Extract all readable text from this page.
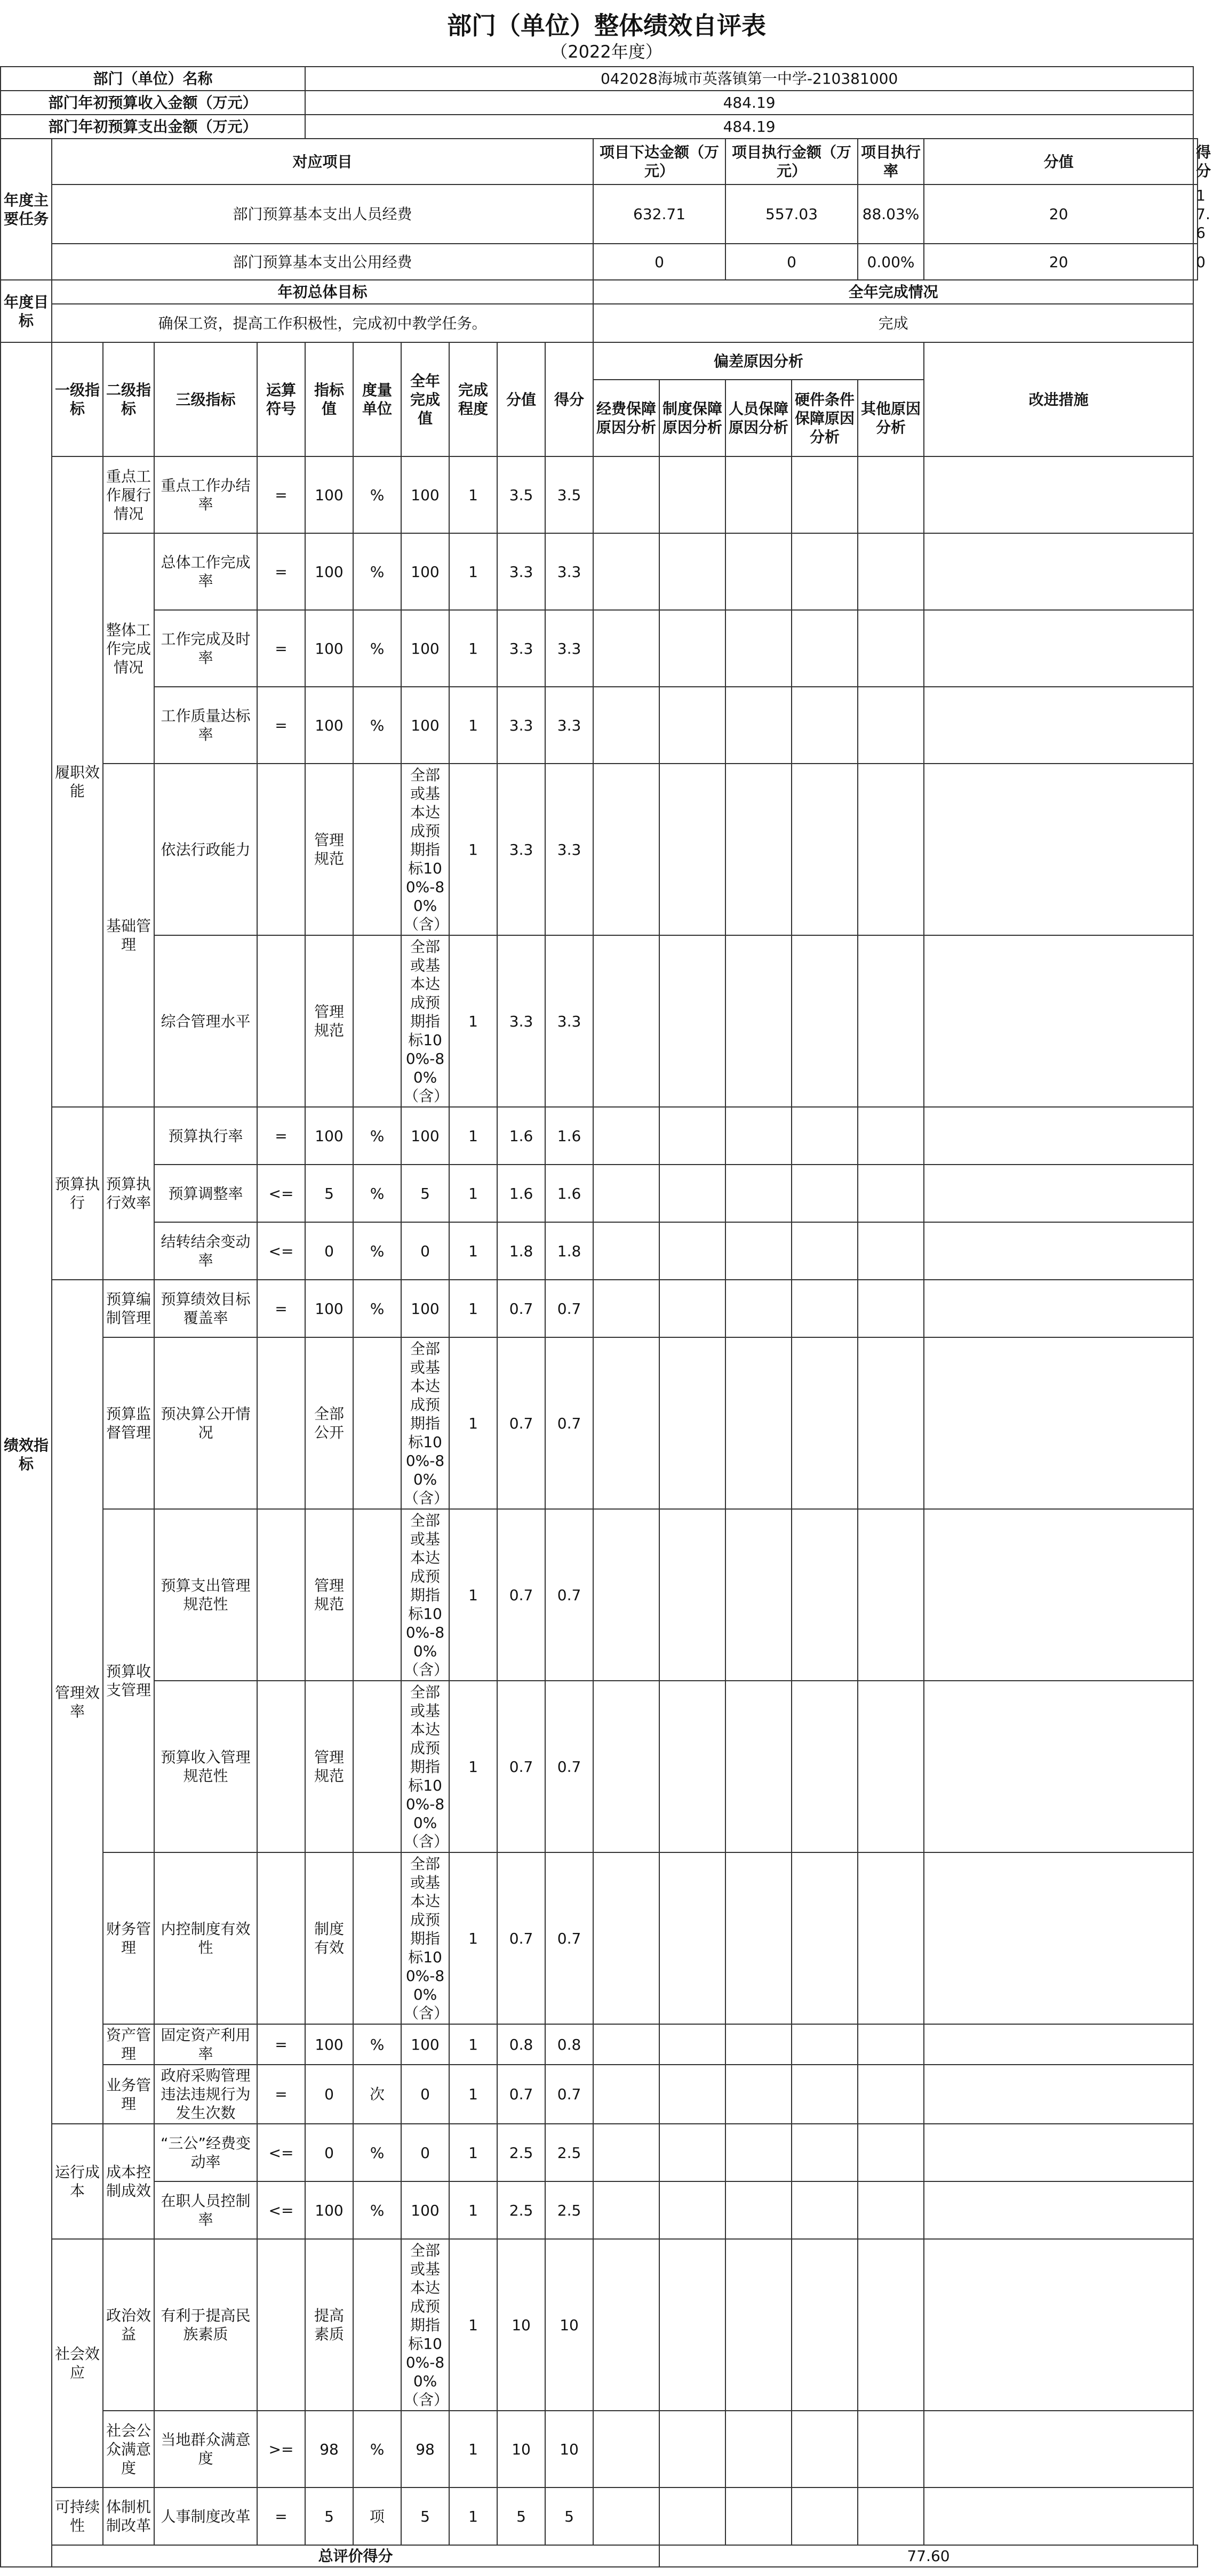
部门（单位）整体绩效自评表
（2022年度）
部门（单位）名称					042028海城市英落镇第一中学-210381000												
部门年初预算收入金额（万元）					484.19												
部门年初预算支出金额（万元）					484.19												
年度主要任务	对应项目										项目下达金额（万元）		项目执行金额（万元）		项目执行率	分值	得分
	部门预算基本支出人员经费										632.71		557.03		88.03%	20	17.6
	部门预算基本支出公用经费										0		0		0.00%	20	0
年度目标	年初总体目标										全年完成情况						
	确保工资，提高工作积极性，完成初中教学任务。										完成						
绩效指标	一级指标	二级指标	三级指标	运算符号	指标值	度量单位	全年完成值	完成程度	分值	得分	偏差原因分析					改进措施	
											经费保障原因分析	制度保障原因分析	人员保障原因分析	硬件条件保障原因分析	其他原因分析		
	履职效能	重点工作履行情况	重点工作办结率	=	100	%	100	1	3.5	3.5							
		整体工作完成情况	总体工作完成率	=	100	%	100	1	3.3	3.3							
			工作完成及时率	=	100	%	100	1	3.3	3.3							
			工作质量达标率	=	100	%	100	1	3.3	3.3							
		基础管理	依法行政能力		管理规范		全部或基本达成预期指标100%-80%（含）	1	3.3	3.3							
			综合管理水平		管理规范		全部或基本达成预期指标100%-80%（含）	1	3.3	3.3							
	预算执行	预算执行效率	预算执行率	=	100	%	100	1	1.6	1.6							
			预算调整率	<=	5	%	5	1	1.6	1.6							
			结转结余变动率	<=	0	%	0	1	1.8	1.8							
	管理效率	预算编制管理	预算绩效目标覆盖率	=	100	%	100	1	0.7	0.7							
		预算监督管理	预决算公开情况		全部公开		全部或基本达成预期指标100%-80%（含）	1	0.7	0.7							
		预算收支管理	预算支出管理规范性		管理规范		全部或基本达成预期指标100%-80%（含）	1	0.7	0.7							
			预算收入管理规范性		管理规范		全部或基本达成预期指标100%-80%（含）	1	0.7	0.7							
		财务管理	内控制度有效性		制度有效		全部或基本达成预期指标100%-80%（含）	1	0.7	0.7							
		资产管理	固定资产利用率	=	100	%	100	1	0.8	0.8							
		业务管理	政府采购管理违法违规行为发生次数	=	0	次	0	1	0.7	0.7							
	运行成本	成本控制成效	“三公”经费变动率	<=	0	%	0	1	2.5	2.5							
			在职人员控制率	<=	100	%	100	1	2.5	2.5							
	社会效应	政治效益	有利于提高民族素质		提高素质		全部或基本达成预期指标100%-80%（含）	1	10	10							
		社会公众满意度	当地群众满意度	>=	98	%	98	1	10	10							
	可持续性	体制机制改革	人事制度改革	=	5	项	5	1	5	5							
	总评价得分											77.60					
